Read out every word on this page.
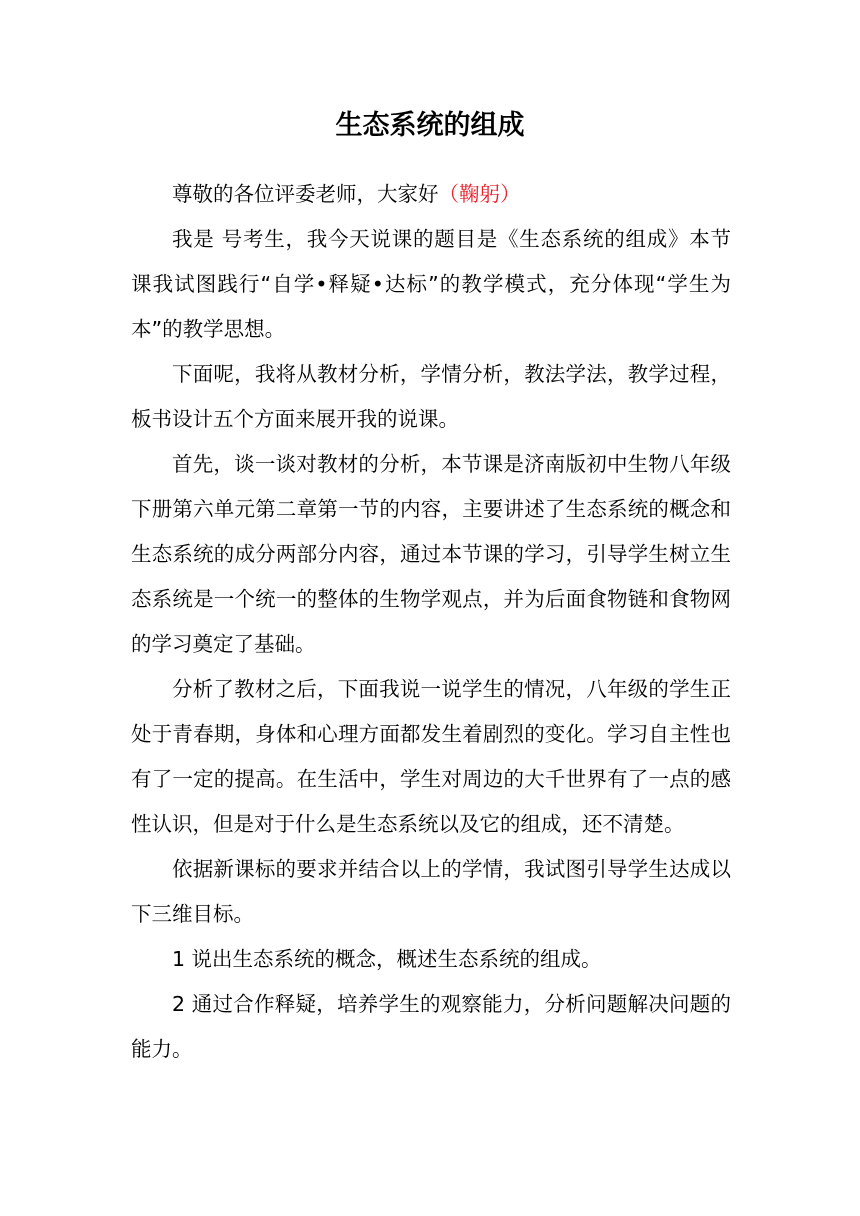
生态系统的组成

尊敬的各位评委老师，大家好（鞠躬）

我是 号考生，我今天说课的题目是《生态系统的组成》本节课我试图践行“自学•释疑•达标”的教学模式，充分体现“学生为本”的教学思想。

下面呢，我将从教材分析，学情分析，教法学法，教学过程，板书设计五个方面来展开我的说课。

首先，谈一谈对教材的分析，本节课是济南版初中生物八年级下册第六单元第二章第一节的内容，主要讲述了生态系统的概念和生态系统的成分两部分内容，通过本节课的学习，引导学生树立生态系统是一个统一的整体的生物学观点，并为后面食物链和食物网的学习奠定了基础。

分析了教材之后，下面我说一说学生的情况，八年级的学生正处于青春期，身体和心理方面都发生着剧烈的变化。学习自主性也有了一定的提高。在生活中，学生对周边的大千世界有了一点的感性认识，但是对于什么是生态系统以及它的组成，还不清楚。

依据新课标的要求并结合以上的学情，我试图引导学生达成以下三维目标。

1 说出生态系统的概念，概述生态系统的组成。

2 通过合作释疑，培养学生的观察能力，分析问题解决问题的能力。
